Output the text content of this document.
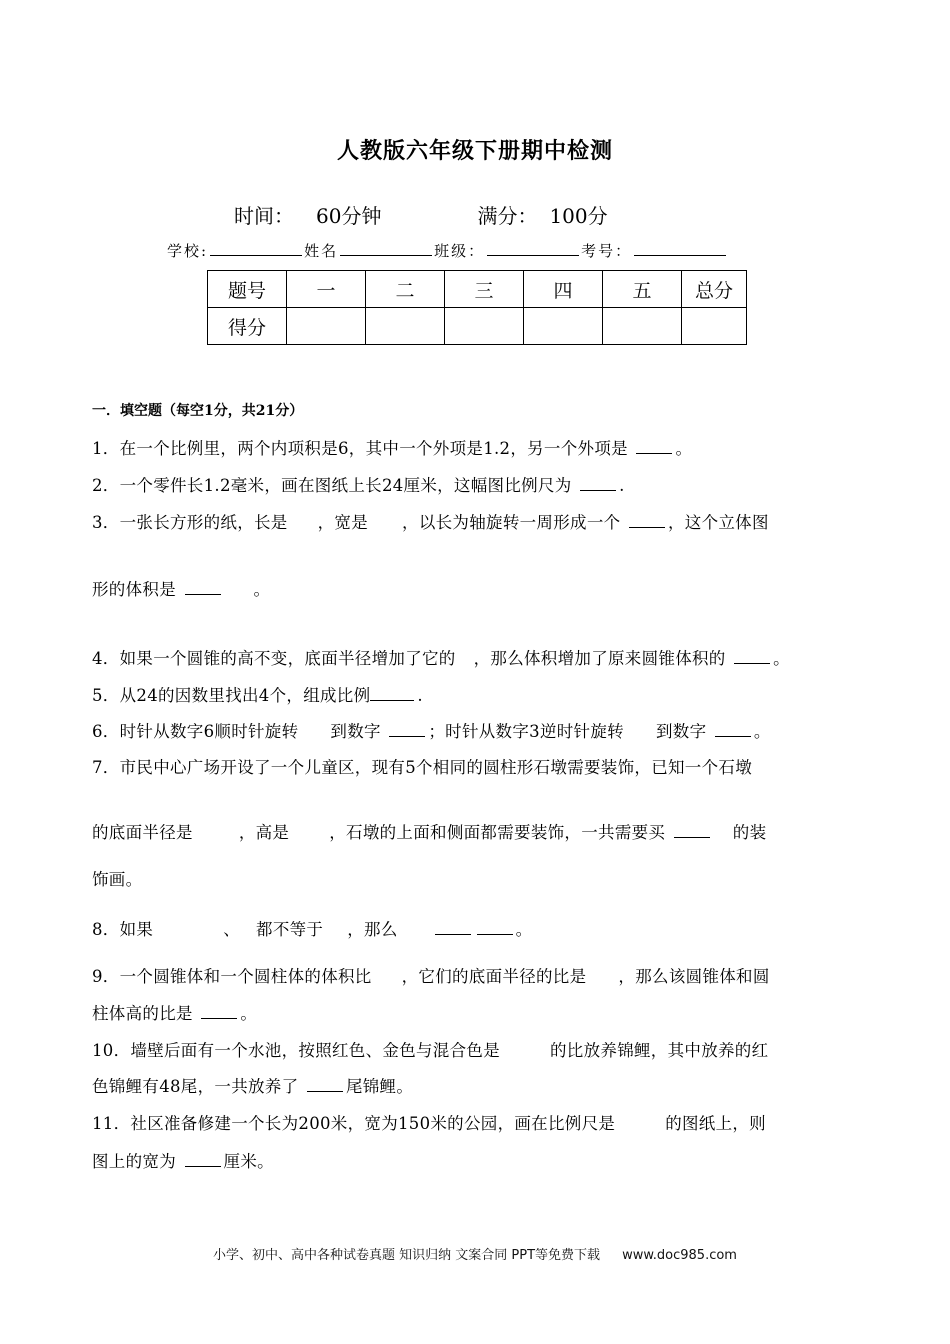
人教版六年级下册期中检测
时间： 60分钟	满分： 100分
学校:	姓名	班级：	考号：
题号	一	二	三	四	五	总分
得分						
一．填空题（每空1分，共21分）
1．在一个比例里，两个内项积是6，其中一个外项是1.2，另一个外项是	。
2．一个零件长1.2毫米，画在图纸上长24厘米，这幅图比例尺为	.
3．一张长方形的纸，长是 ，宽是 ，以长为轴旋转一周形成一个	，这个立体图
形的体积是	。
4．如果一个圆锥的高不变，底面半径增加了它的 ，那么体积增加了原来圆锥体积的	。
5．从24的因数里找出4个，组成比例	.
6．时针从数字6顺时针旋转 到数字	；时针从数字3逆时针旋转 到数字	。
7．市民中心广场开设了一个儿童区，现有5个相同的圆柱形石墩需要装饰，已知一个石墩
的底面半径是	，高是 ，石墩的上面和侧面都需要装饰，一共需要买	的装
饰画。
8．如果	、 都不等于 ，那么	。
9．一个圆锥体和一个圆柱体的体积比 ，它们的底面半径的比是 ，那么该圆锥体和圆
柱体高的比是	。
10．墙壁后面有一个水池，按照红色、金色与混合色是	的比放养锦鲤，其中放养的红
色锦鲤有48尾，一共放养了	尾锦鲤。
11．社区准备修建一个长为200米，宽为150米的公园，画在比例尺是	的图纸上，则
图上的宽为	厘米。
小学、初中、高中各种试卷真题 知识归纳 文案合同 PPT等免费下载 www.doc985.com
